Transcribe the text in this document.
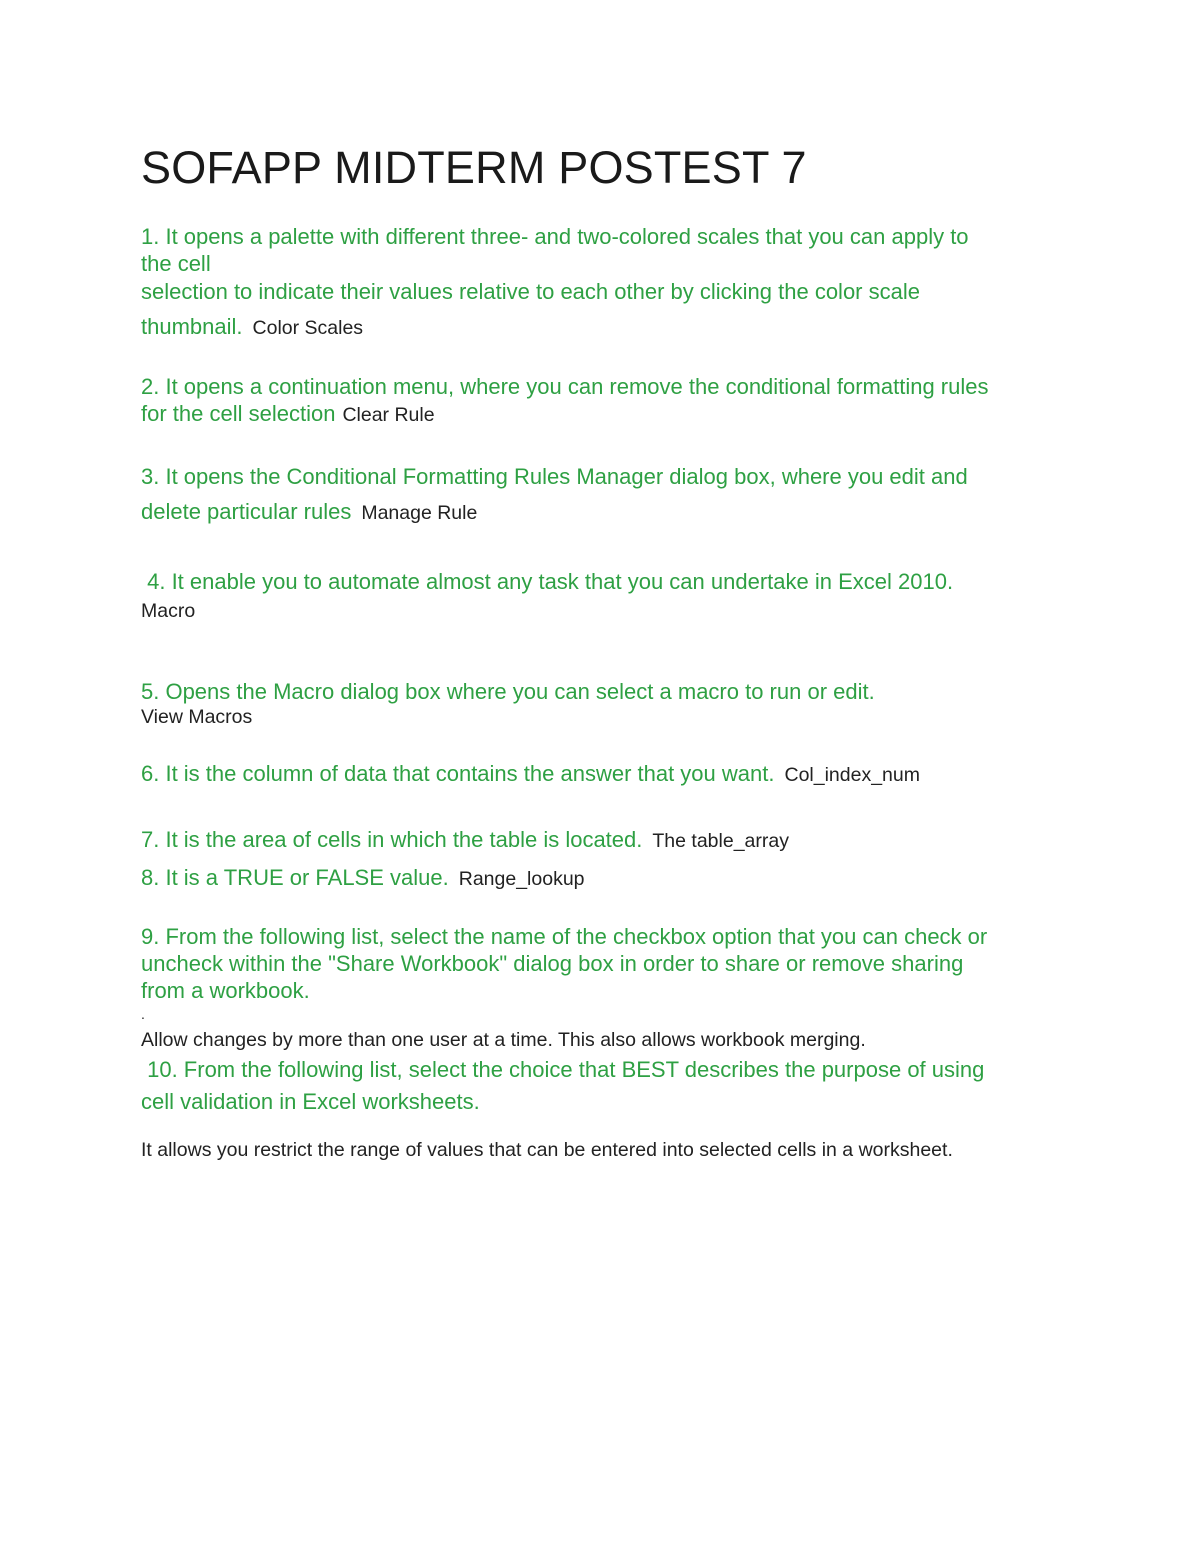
SOFAPP MIDTERM POSTEST 7

1. It opens a palette with different three- and two-colored scales that you can apply to

the cell

selection to indicate their values relative to each other by clicking the color scale

thumbnail. Color Scales

2. It opens a continuation menu, where you can remove the conditional formatting rules

for the cell selection Clear Rule

3. It opens the Conditional Formatting Rules Manager dialog box, where you edit and

delete particular rules Manage Rule

4. It enable you to automate almost any task that you can undertake in Excel 2010.

Macro

5. Opens the Macro dialog box where you can select a macro to run or edit.

View Macros

6. It is the column of data that contains the answer that you want. Col_index_num

7. It is the area of cells in which the table is located. The table_array

8. It is a TRUE or FALSE value. Range_lookup

9. From the following list, select the name of the checkbox option that you can check or

uncheck within the "Share Workbook" dialog box in order to share or remove sharing

from a workbook.

.

Allow changes by more than one user at a time. This also allows workbook merging.

10. From the following list, select the choice that BEST describes the purpose of using

cell validation in Excel worksheets.

It allows you restrict the range of values that can be entered into selected cells in a worksheet.
